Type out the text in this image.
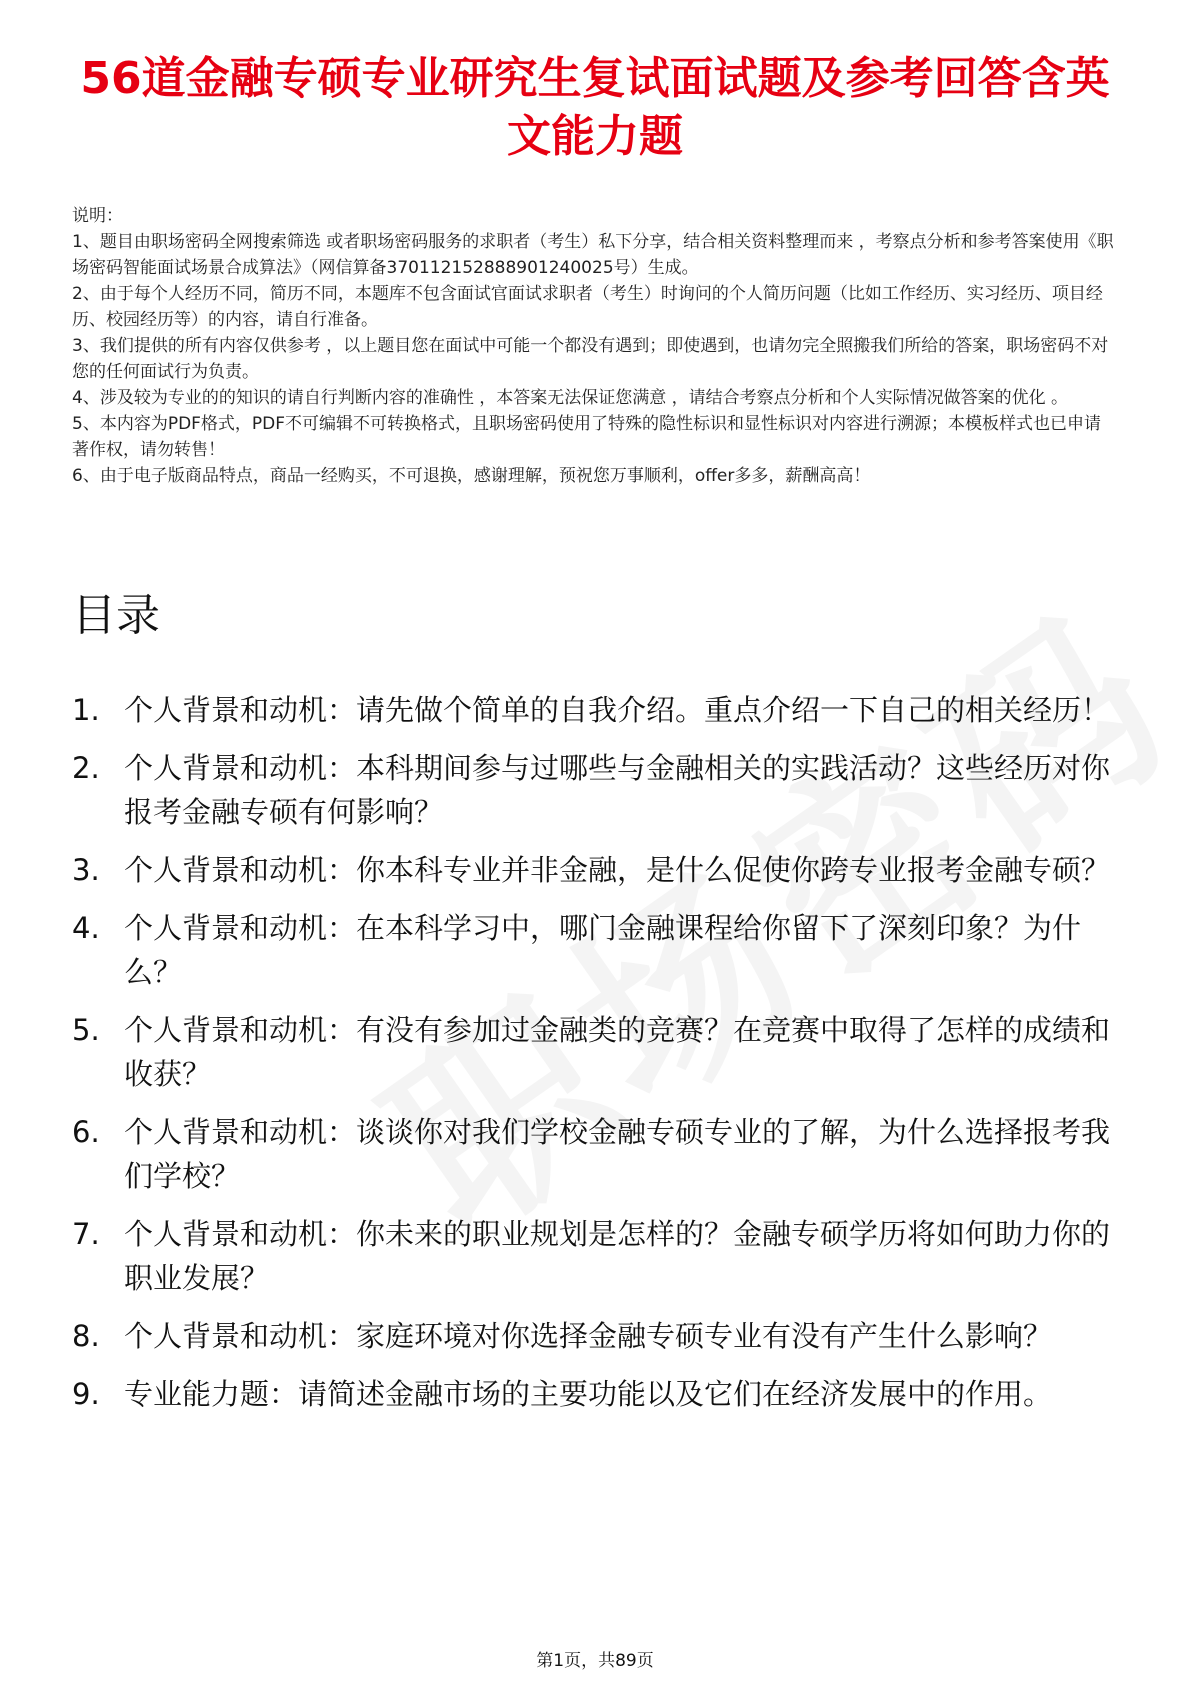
56道金融专硕专业研究生复试面试题及参考回答含英文能力题

说明：

1、题目由职场密码全网搜索筛选 或者职场密码服务的求职者（考生）私下分享，结合相关资料整理而来 ，考察点分析和参考答案使用《职场密码智能面试场景合成算法》（网信算备370112152888901240025号）生成。

2、由于每个人经历不同，简历不同，本题库不包含面试官面试求职者（考生）时询问的个人简历问题（比如工作经历、实习经历、项目经历、校园经历等）的内容，请自行准备。

3、我们提供的所有内容仅供参考 ，以上题目您在面试中可能一个都没有遇到；即使遇到，也请勿完全照搬我们所给的答案，职场密码不对您的任何面试行为负责。

4、涉及较为专业的的知识的请自行判断内容的准确性 ，本答案无法保证您满意 ，请结合考察点分析和个人实际情况做答案的优化 。

5、本内容为PDF格式，PDF不可编辑不可转换格式，且职场密码使用了特殊的隐性标识和显性标识对内容进行溯源；本模板样式也已申请著作权，请勿转售！

6、由于电子版商品特点，商品一经购买，不可退换，感谢理解，预祝您万事顺利，offer多多，薪酬高高！

目录
1. 个人背景和动机：请先做个简单的自我介绍。重点介绍一下自己的相关经历！
2. 个人背景和动机：本科期间参与过哪些与金融相关的实践活动？这些经历对你报考金融专硕有何影响？
3. 个人背景和动机：你本科专业并非金融，是什么促使你跨专业报考金融专硕？
4. 个人背景和动机：在本科学习中，哪门金融课程给你留下了深刻印象？为什么？
5. 个人背景和动机：有没有参加过金融类的竞赛？在竞赛中取得了怎样的成绩和收获？
6. 个人背景和动机：谈谈你对我们学校金融专硕专业的了解，为什么选择报考我们学校？
7. 个人背景和动机：你未来的职业规划是怎样的？金融专硕学历将如何助力你的职业发展？
8. 个人背景和动机：家庭环境对你选择金融专硕专业有没有产生什么影响？
9. 专业能力题：请简述金融市场的主要功能以及它们在经济发展中的作用。
第1页，共89页
